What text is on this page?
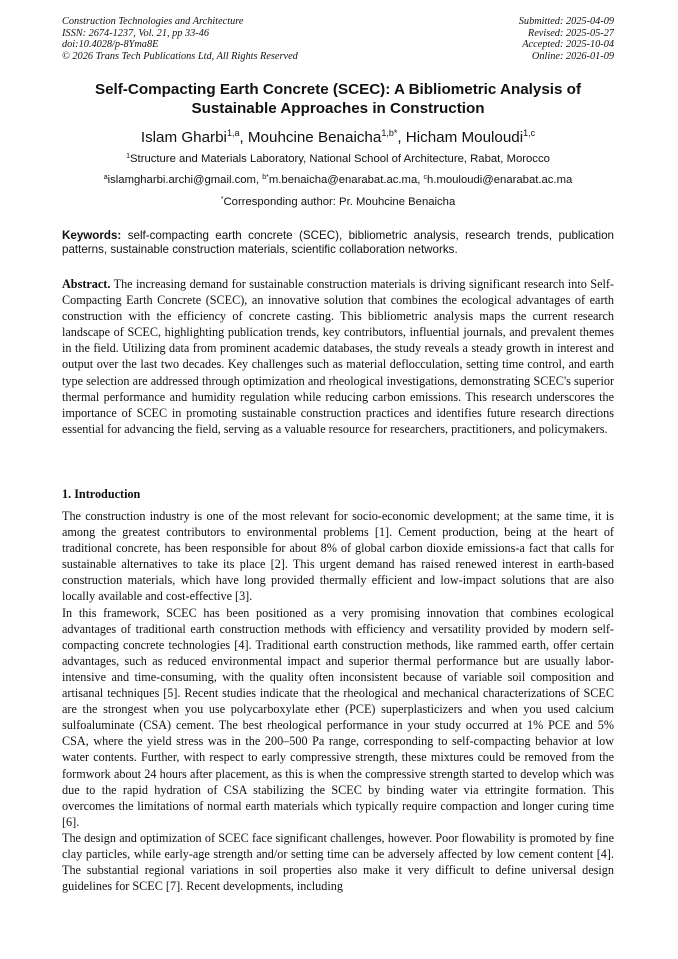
Construction Technologies and Architecture
ISSN: 2674-1237, Vol. 21, pp 33-46
doi:10.4028/p-8Yma8E
© 2026 Trans Tech Publications Ltd, All Rights Reserved
Submitted: 2025-04-09
Revised: 2025-05-27
Accepted: 2025-10-04
Online: 2026-01-09
Self-Compacting Earth Concrete (SCEC): A Bibliometric Analysis of
Sustainable Approaches in Construction
Islam Gharbi$^{1,a}$, Mouhcine Benaicha$^{1,b*}$, Hicham Mouloudi$^{1,c}$
$^1$Structure and Materials Laboratory, National School of Architecture, Rabat, Morocco
$^a$islamgharbi.archi@gmail.com, $^{b*}$m.benaicha@enarabat.ac.ma, $^c$h.mouloudi@enarabat.ac.ma
*Corresponding author: Pr. Mouhcine Benaicha
Keywords: self-compacting earth concrete (SCEC), bibliometric analysis, research trends, publication patterns, sustainable construction materials, scientific collaboration networks.
Abstract. The increasing demand for sustainable construction materials is driving significant research into Self-Compacting Earth Concrete (SCEC), an innovative solution that combines the ecological advantages of earth construction with the efficiency of concrete casting. This bibliometric analysis maps the current research landscape of SCEC, highlighting publication trends, key contributors, influential journals, and prevalent themes in the field. Utilizing data from prominent academic databases, the study reveals a steady growth in interest and output over the last two decades. Key challenges such as material deflocculation, setting time control, and earth type selection are addressed through optimization and rheological investigations, demonstrating SCEC's superior thermal performance and humidity regulation while reducing carbon emissions. This research underscores the importance of SCEC in promoting sustainable construction practices and identifies future research directions essential for advancing the field, serving as a valuable resource for researchers, practitioners, and policymakers.
1. Introduction

The construction industry is one of the most relevant for socio-economic development; at the same time, it is among the greatest contributors to environmental problems [1]. Cement production, being at the heart of traditional concrete, has been responsible for about 8% of global carbon dioxide emissions-a fact that calls for sustainable alternatives to take its place [2]. This urgent demand has raised renewed interest in earth-based construction materials, which have long provided thermally efficient and low-impact solutions that are also locally available and cost-effective [3].

In this framework, SCEC has been positioned as a very promising innovation that combines ecological advantages of traditional earth construction methods with efficiency and versatility provided by modern self-compacting concrete technologies [4]. Traditional earth construction methods, like rammed earth, offer certain advantages, such as reduced environmental impact and superior thermal performance but are usually labor-intensive and time-consuming, with the quality often inconsistent because of variable soil composition and artisanal techniques [5]. Recent studies indicate that the rheological and mechanical characterizations of SCEC are the strongest when you use polycarboxylate ether (PCE) superplasticizers and when you used calcium sulfoaluminate (CSA) cement. The best rheological performance in your study occurred at 1% PCE and 5% CSA, where the yield stress was in the 200–500 Pa range, corresponding to self-compacting behavior at low water contents. Further, with respect to early compressive strength, these mixtures could be removed from the formwork about 24 hours after placement, as this is when the compressive strength started to develop which was due to the rapid hydration of CSA stabilizing the SCEC by binding water via ettringite formation. This overcomes the limitations of normal earth materials which typically require compaction and longer curing time [6].

The design and optimization of SCEC face significant challenges, however. Poor flowability is promoted by fine clay particles, while early-age strength and/or setting time can be adversely affected by low cement content [4]. The substantial regional variations in soil properties also make it very difficult to define universal design guidelines for SCEC [7]. Recent developments, including
